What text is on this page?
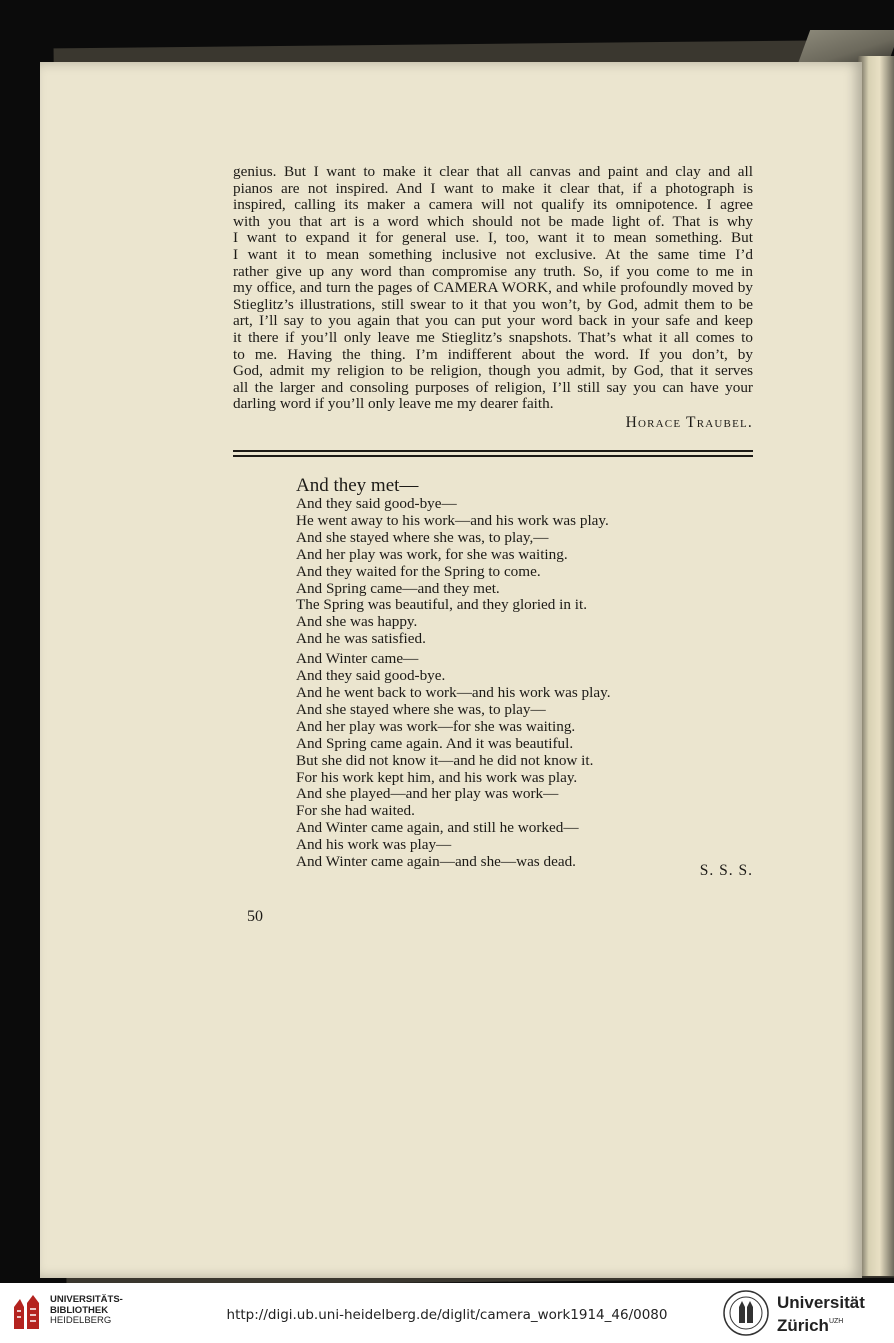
genius. But I want to make it clear that all canvas and paint and clay and all
pianos are not inspired. And I want to make it clear that, if a photograph is
inspired, calling its maker a camera will not qualify its omnipotence. I agree
with you that art is a word which should not be made light of. That is why
I want to expand it for general use. I, too, want it to mean something. But
I want it to mean something inclusive not exclusive. At the same time I’d
rather give up any word than compromise any truth. So, if you come to me in
my office, and turn the pages of CAMERA WORK, and while profoundly moved by
Stieglitz’s illustrations, still swear to it that you won’t, by God, admit them to be
art, I’ll say to you again that you can put your word back in your safe and keep
it there if you’ll only leave me Stieglitz’s snapshots. That’s what it all comes to
to me. Having the thing. I’m indifferent about the word. If you don’t, by
God, admit my religion to be religion, though you admit, by God, that it serves
all the larger and consoling purposes of religion, I’ll still say you can have your
darling word if you’ll only leave me my dearer faith.
Horace Traubel.
And they met—
And they said good-bye—
He went away to his work—and his work was play.
And she stayed where she was, to play,—
And her play was work, for she was waiting.
And they waited for the Spring to come.
And Spring came—and they met.
The Spring was beautiful, and they gloried in it.
And she was happy.
And he was satisfied.
And Winter came—
And they said good-bye.
And he went back to work—and his work was play.
And she stayed where she was, to play—
And her play was work—for she was waiting.
And Spring came again. And it was beautiful.
But she did not know it—and he did not know it.
For his work kept him, and his work was play.
And she played—and her play was work—
For she had waited.
And Winter came again, and still he worked—
And his work was play—
And Winter came again—and she—was dead.
S. S. S.
50
UNIVERSITÄTS-
BIBLIOTHEK
HEIDELBERG	http://digi.ub.uni-heidelberg.de/diglit/camera_work1914_46/0080
Universität
Zürich$^{UZH}$
